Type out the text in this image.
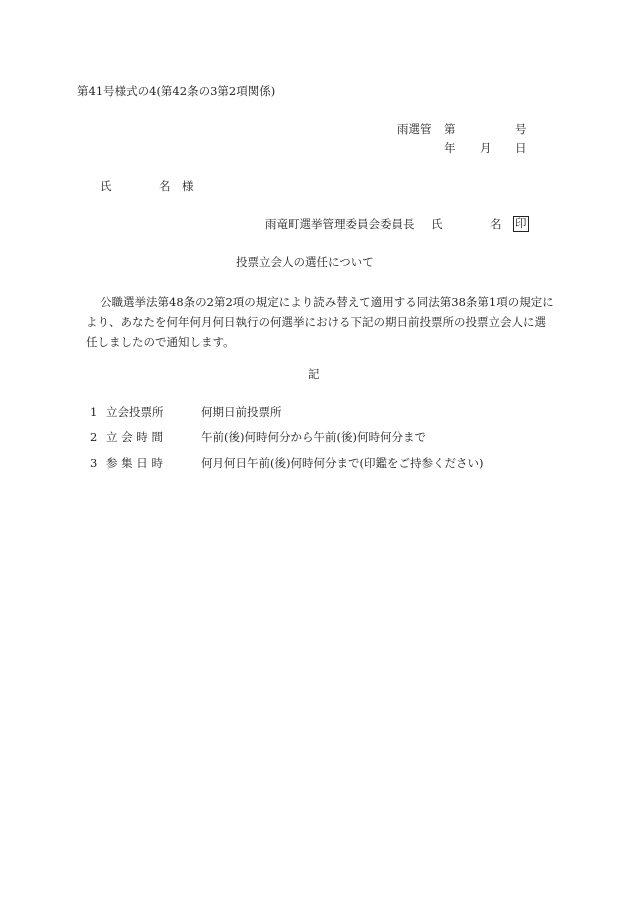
第41号様式の4(第42条の3第2項関係)
雨選管 第	号
年 月 日
氏	名 様
雨竜町選挙管理委員会委員長 氏	名	印
投票立会人の選任について
公職選挙法第48条の2第2項の規定により読み替えて適用する同法第38条第1項の規定により、あなたを何年何月何日執行の何選挙における下記の期日前投票所の投票立会人に選任しましたので通知します。
記
1 立会投票所	何期日前投票所
2 立 会 時 間	午前(後)何時何分から午前(後)何時何分まで
3 参 集 日 時	何月何日午前(後)何時何分まで(印鑑をご持参ください)
